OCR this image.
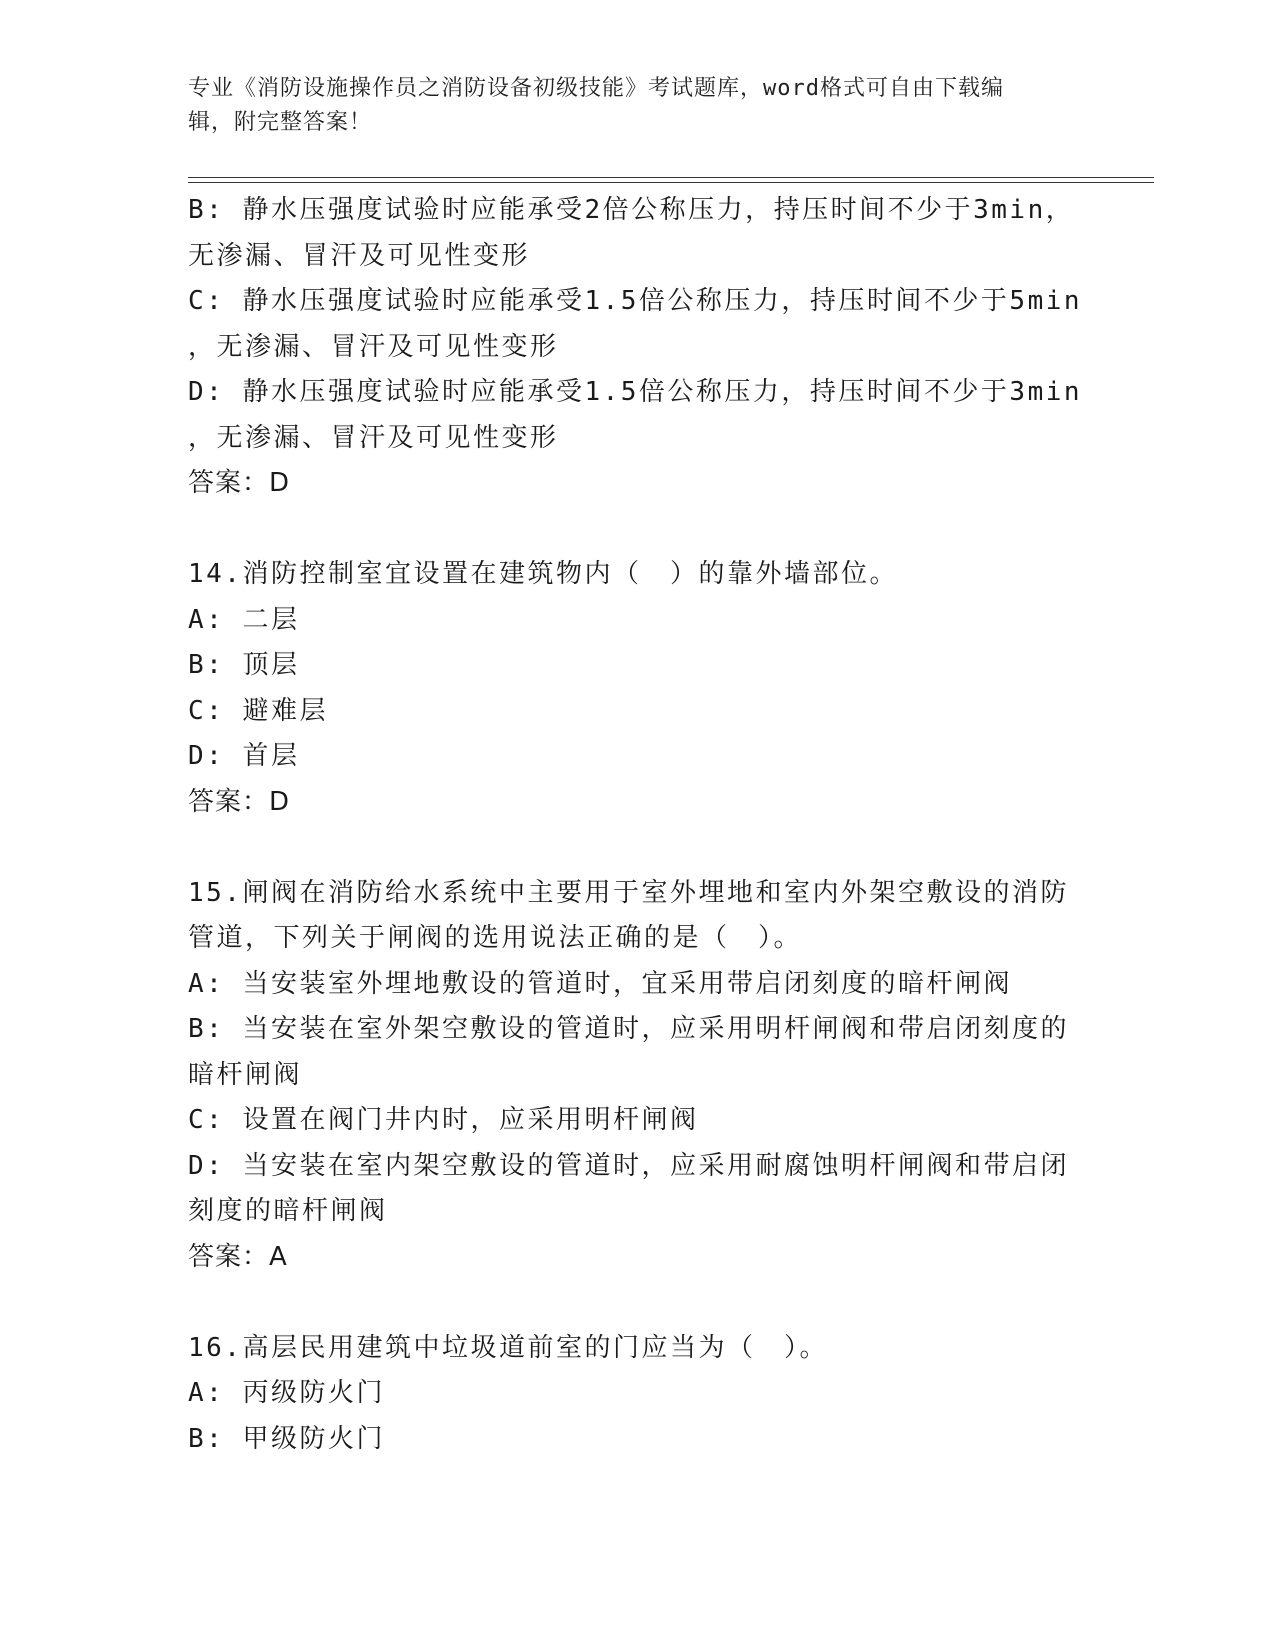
专业《消防设施操作员之消防设备初级技能》考试题库，word格式可自由下载编
辑，附完整答案！
B: 静水压强度试验时应能承受2倍公称压力，持压时间不少于3min，
无渗漏、冒汗及可见性变形
C: 静水压强度试验时应能承受1.5倍公称压力，持压时间不少于5min
，无渗漏、冒汗及可见性变形
D: 静水压强度试验时应能承受1.5倍公称压力，持压时间不少于3min
，无渗漏、冒汗及可见性变形
答案：D
14.消防控制室宜设置在建筑物内（　）的靠外墙部位。
A: 二层
B: 顶层
C: 避难层
D: 首层
答案：D
15.闸阀在消防给水系统中主要用于室外埋地和室内外架空敷设的消防
管道，下列关于闸阀的选用说法正确的是（　）。
A: 当安装室外埋地敷设的管道时，宜采用带启闭刻度的暗杆闸阀
B: 当安装在室外架空敷设的管道时，应采用明杆闸阀和带启闭刻度的
暗杆闸阀
C: 设置在阀门井内时，应采用明杆闸阀
D: 当安装在室内架空敷设的管道时，应采用耐腐蚀明杆闸阀和带启闭
刻度的暗杆闸阀
答案：A
16.高层民用建筑中垃圾道前室的门应当为（　）。
A: 丙级防火门
B: 甲级防火门
